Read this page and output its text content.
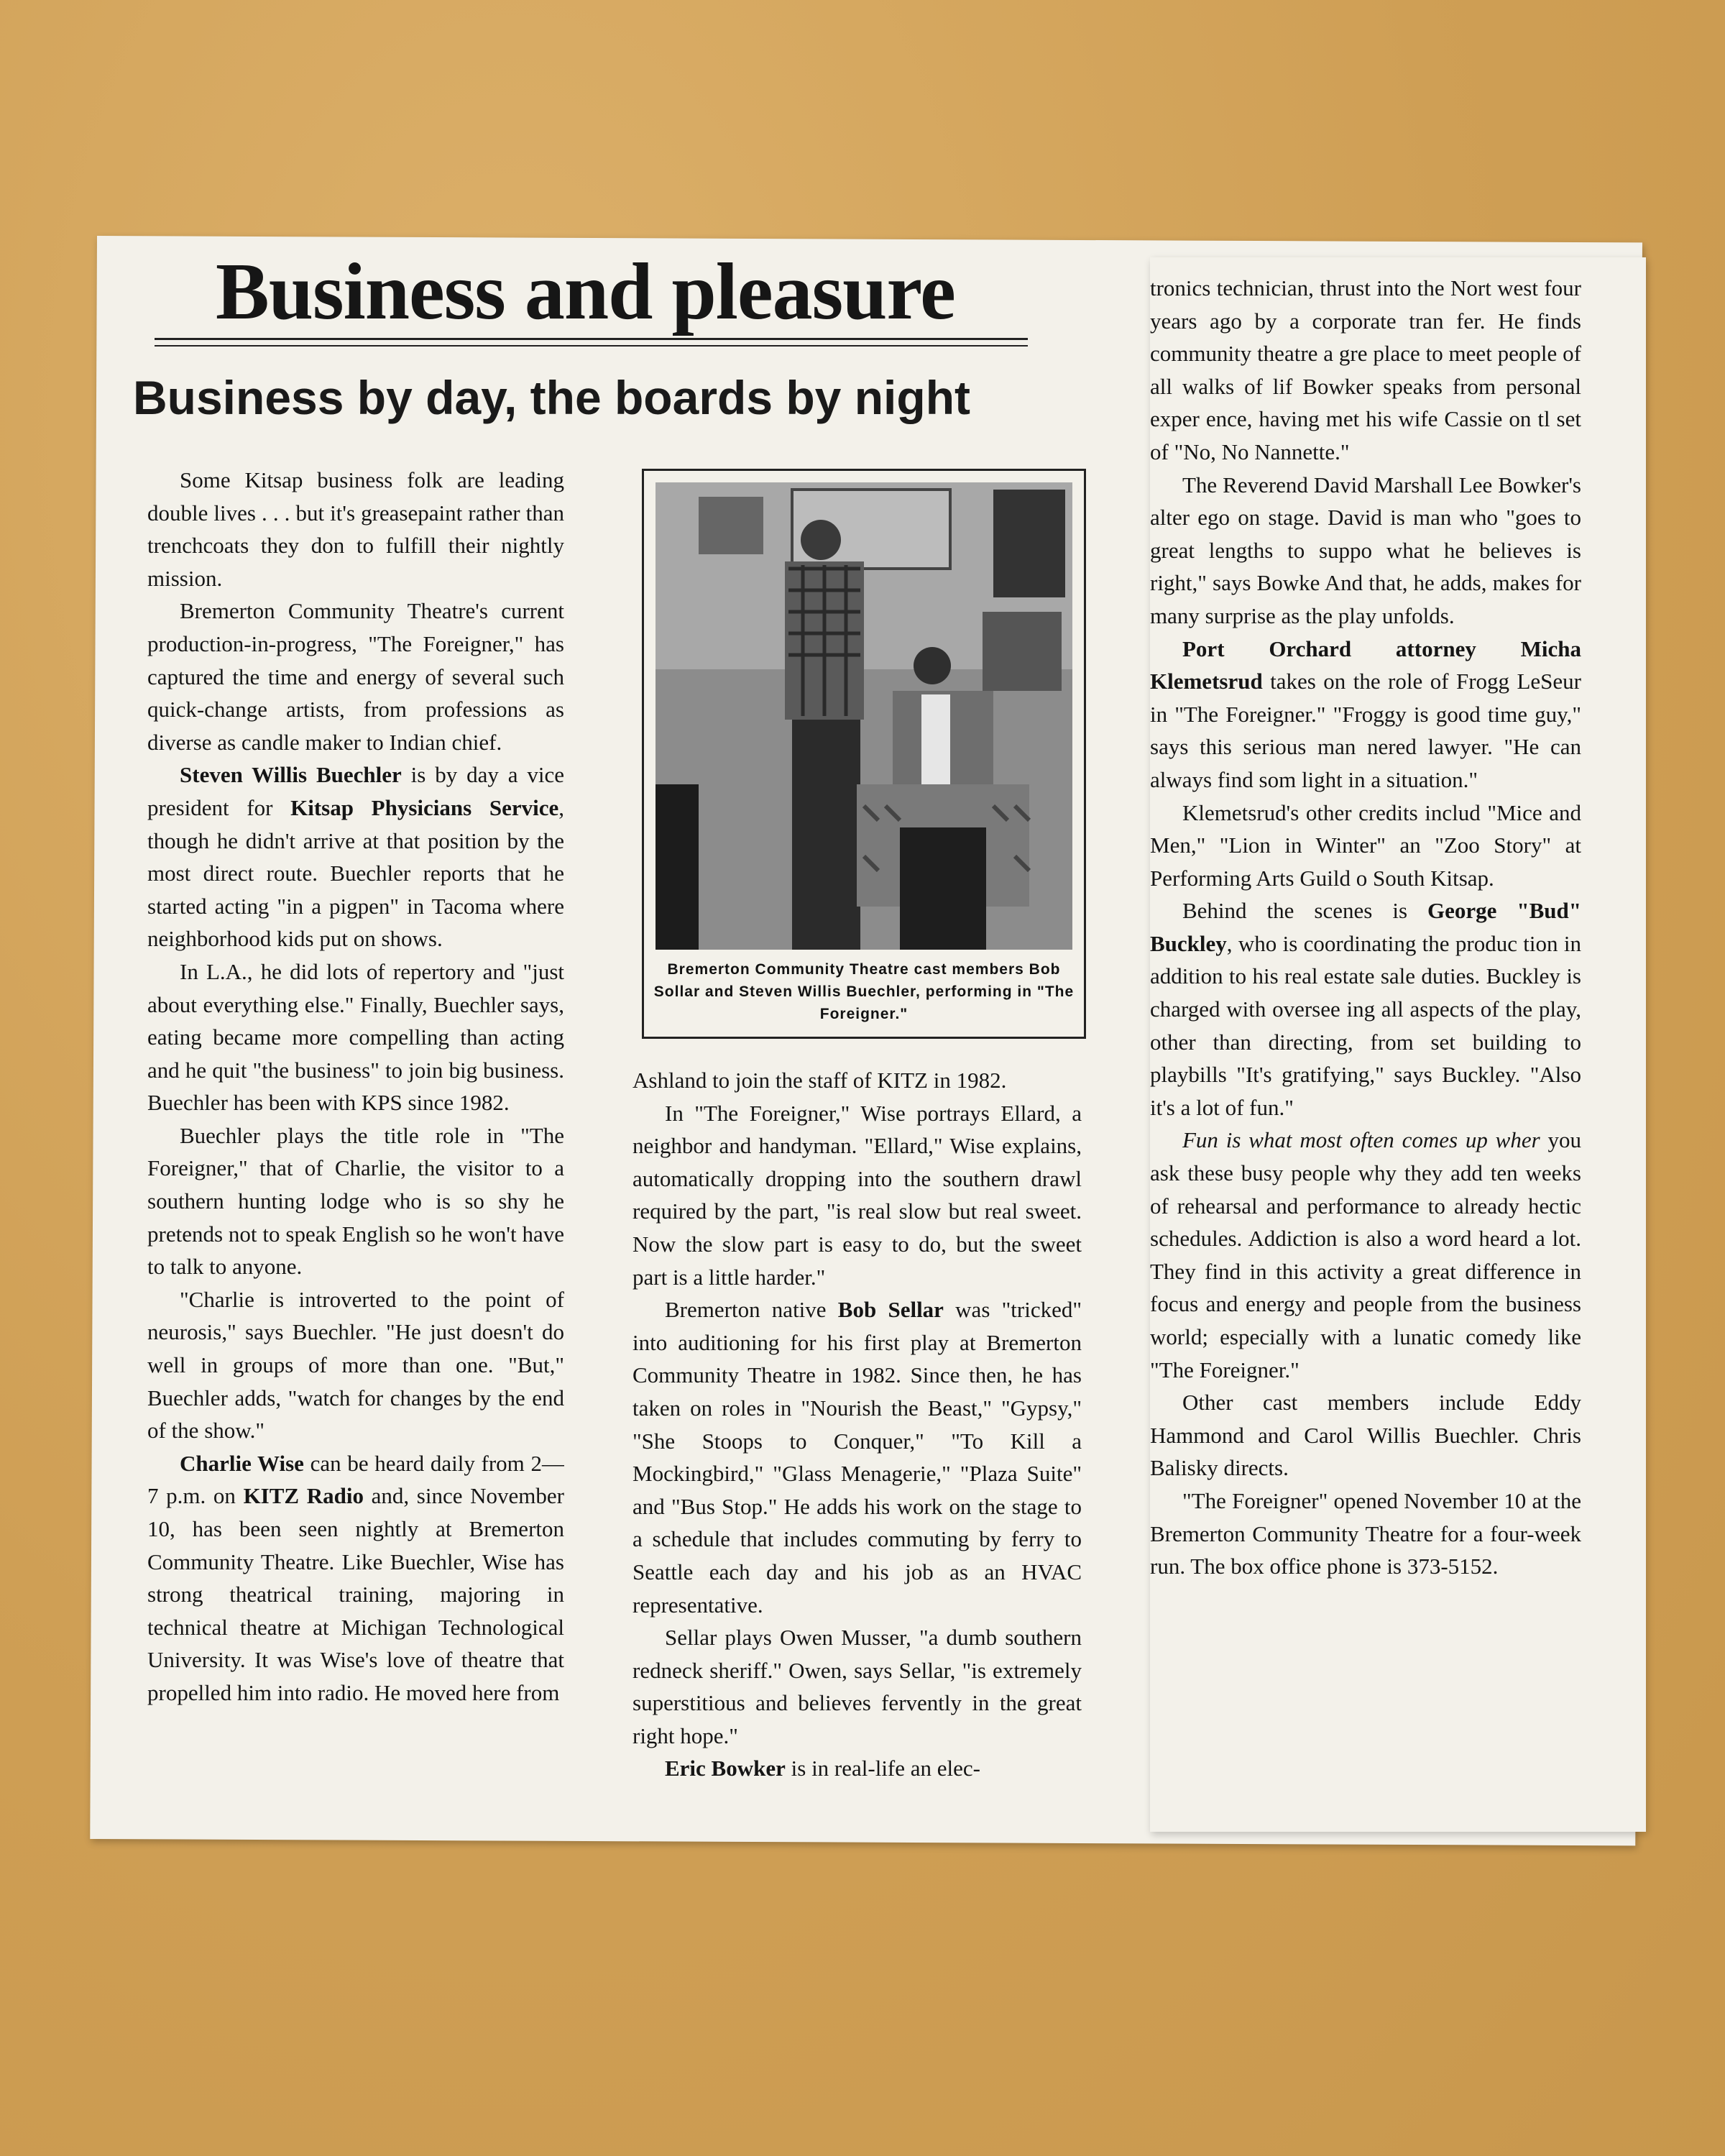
Business and pleasure
Business by day, the boards by night

Some Kitsap business folk are leading double lives . . . but it's greasepaint rather than trenchcoats they don to fulfill their nightly mission.

Bremerton Community Theatre's current production-in-progress, "The Foreigner," has captured the time and energy of several such quick-change artists, from professions as diverse as candle maker to Indian chief.

Steven Willis Buechler is by day a vice president for Kitsap Physicians Service, though he didn't arrive at that position by the most direct route. Buechler reports that he started acting "in a pigpen" in Tacoma where neighborhood kids put on shows.

In L.A., he did lots of repertory and "just about everything else." Finally, Buechler says, eating became more compelling than acting and he quit "the business" to join big business. Buechler has been with KPS since 1982.

Buechler plays the title role in "The Foreigner," that of Charlie, the visitor to a southern hunting lodge who is so shy he pretends not to speak English so he won't have to talk to anyone.

"Charlie is introverted to the point of neurosis," says Buechler. "He just doesn't do well in groups of more than one. "But," Buechler adds, "watch for changes by the end of the show."

Charlie Wise can be heard daily from 2—7 p.m. on KITZ Radio and, since November 10, has been seen nightly at Bremerton Community Theatre. Like Buechler, Wise has strong theatrical training, majoring in technical theatre at Michigan Technological University. It was Wise's love of theatre that propelled him into radio. He moved here from

Bremerton Community Theatre cast members Bob Sollar and Steven Willis Buechler, performing in "The Foreigner."

Ashland to join the staff of KITZ in 1982.

In "The Foreigner," Wise portrays Ellard, a neighbor and handyman. "Ellard," Wise explains, automatically dropping into the southern drawl required by the part, "is real slow but real sweet. Now the slow part is easy to do, but the sweet part is a little harder."

Bremerton native Bob Sellar was "tricked" into auditioning for his first play at Bremerton Community Theatre in 1982. Since then, he has taken on roles in "Nourish the Beast," "Gypsy," "She Stoops to Conquer," "To Kill a Mockingbird," "Glass Menagerie," "Plaza Suite" and "Bus Stop." He adds his work on the stage to a schedule that includes commuting by ferry to Seattle each day and his job as an HVAC representative.

Sellar plays Owen Musser, "a dumb southern redneck sheriff." Owen, says Sellar, "is extremely superstitious and believes fervently in the great right hope."

Eric Bowker is in real-life an elec-

tronics technician, thrust into the Nort west four years ago by a corporate tran fer. He finds community theatre a gre place to meet people of all walks of lif Bowker speaks from personal exper ence, having met his wife Cassie on tl set of "No, No Nannette."

The Reverend David Marshall Lee Bowker's alter ego on stage. David is man who "goes to great lengths to suppo what he believes is right," says Bowke And that, he adds, makes for many surprise as the play unfolds.

Port Orchard attorney Micha Klemetsrud takes on the role of Frogg LeSeur in "The Foreigner." "Froggy is good time guy," says this serious man nered lawyer. "He can always find som light in a situation."

Klemetsrud's other credits includ "Mice and Men," "Lion in Winter" an "Zoo Story" at Performing Arts Guild o South Kitsap.

Behind the scenes is George "Bud" Buckley, who is coordinating the produc tion in addition to his real estate sale duties. Buckley is charged with oversee ing all aspects of the play, other than directing, from set building to playbills "It's gratifying," says Buckley. "Also it's a lot of fun."

Fun is what most often comes up wher you ask these busy people why they add ten weeks of rehearsal and performance to already hectic schedules. Addiction is also a word heard a lot. They find in this activity a great difference in focus and energy and people from the business world; especially with a lunatic comedy like "The Foreigner."

Other cast members include Eddy Hammond and Carol Willis Buechler. Chris Balisky directs.

"The Foreigner" opened November 10 at the Bremerton Community Theatre for a four-week run. The box office phone is 373-5152.
